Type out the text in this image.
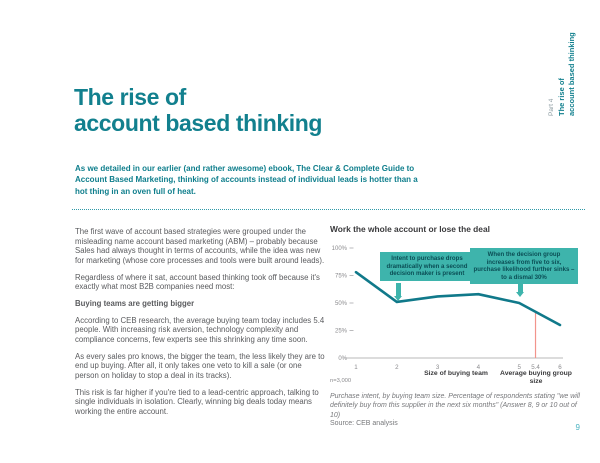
Part 4 The rise of account based thinking
The rise of
account based thinking

As we detailed in our earlier (and rather awesome) ebook, The Clear & Complete Guide to Account Based Marketing, thinking of accounts instead of individual leads is hotter than a hot thing in an oven full of heat.

The first wave of account based strategies were grouped under the misleading name account based marketing (ABM) – probably because Sales had always thought in terms of accounts, while the idea was new for marketing (whose core processes and tools were built around leads).

Regardless of where it sat, account based thinking took off because it's exactly what most B2B companies need most:

Buying teams are getting bigger

According to CEB research, the average buying team today includes 5.4 people. With increasing risk aversion, technology complexity and compliance concerns, few experts see this shrinking any time soon.

As every sales pro knows, the bigger the team, the less likely they are to end up buying. After all, it only takes one veto to kill a sale (or one person on holiday to stop a deal in its tracks).

This risk is far higher if you're tied to a lead-centric approach, talking to single individuals in isolation. Clearly, winning big deals today means working the entire account.

Work the whole account or lose the deal
0%
25%
50%
75%
100%
1	2	3	4	5	6
5.4
Intent to purchase drops dramatically when a second decision maker is present
When the decision group increases from five to six, purchase likelihood further sinks – to a dismal 30%
Size of buying team	Average buying group size
n=3,000

Purchase intent, by buying team size. Percentage of respondents stating "we will definitely buy from this supplier in the next six months" (Answer 8, 9 or 10 out of 10)

Source: CEB analysis	9
